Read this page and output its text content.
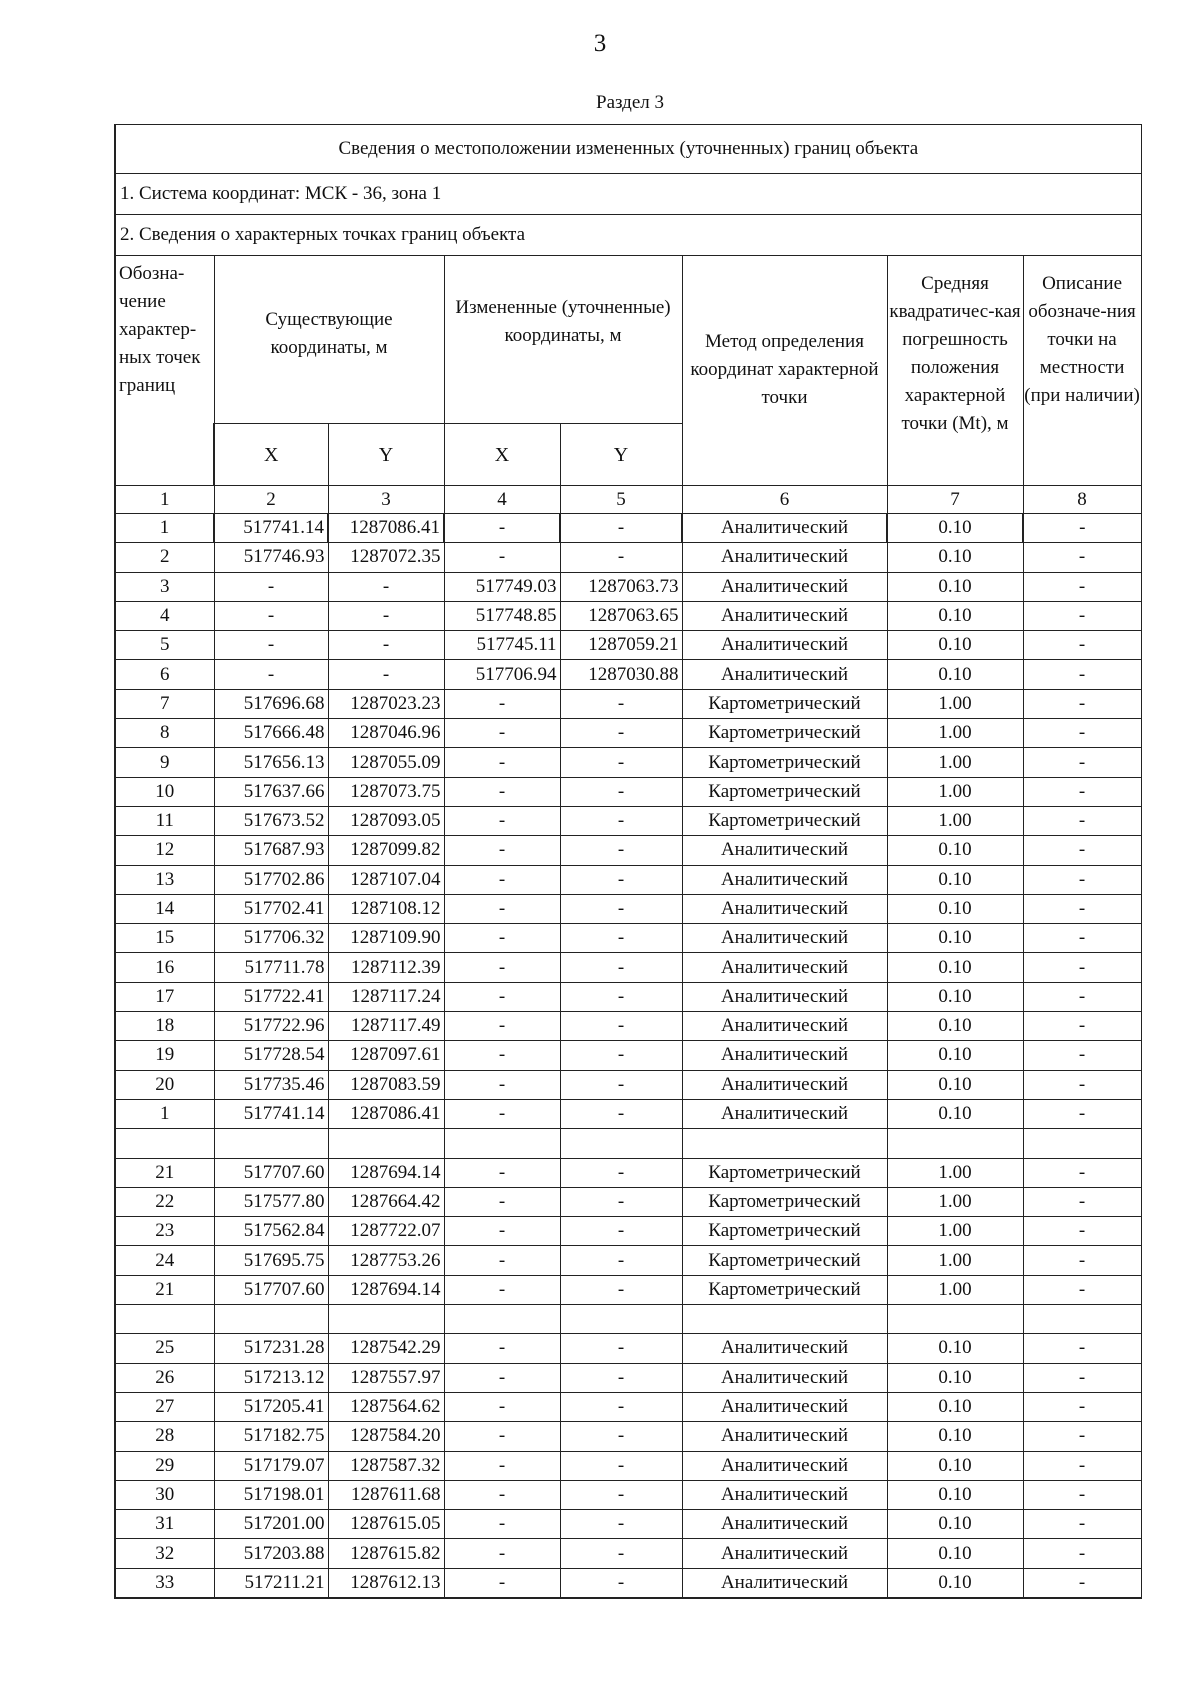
3
Раздел 3
Сведения о местоположении измененных (уточненных) границ объекта							
1. Система координат: МСК - 36, зона 1							
2. Сведения о характерных точках границ объекта							
Обозна-чение характер-ных точек границ	Существующие координаты, м		Измененные (уточненные) координаты, м		Метод определения координат характерной точки	Средняя квадратичес-кая погрешность положения характерной точки (Mt), м	Описание обозначе-ния точки на местности (при наличии)
	X	Y	X	Y			
1	2	3	4	5	6	7	8
1	517741.14	1287086.41	-	-	Аналитический	0.10	-
2	517746.93	1287072.35	-	-	Аналитический	0.10	-
3	-	-	517749.03	1287063.73	Аналитический	0.10	-
4	-	-	517748.85	1287063.65	Аналитический	0.10	-
5	-	-	517745.11	1287059.21	Аналитический	0.10	-
6	-	-	517706.94	1287030.88	Аналитический	0.10	-
7	517696.68	1287023.23	-	-	Картометрический	1.00	-
8	517666.48	1287046.96	-	-	Картометрический	1.00	-
9	517656.13	1287055.09	-	-	Картометрический	1.00	-
10	517637.66	1287073.75	-	-	Картометрический	1.00	-
11	517673.52	1287093.05	-	-	Картометрический	1.00	-
12	517687.93	1287099.82	-	-	Аналитический	0.10	-
13	517702.86	1287107.04	-	-	Аналитический	0.10	-
14	517702.41	1287108.12	-	-	Аналитический	0.10	-
15	517706.32	1287109.90	-	-	Аналитический	0.10	-
16	517711.78	1287112.39	-	-	Аналитический	0.10	-
17	517722.41	1287117.24	-	-	Аналитический	0.10	-
18	517722.96	1287117.49	-	-	Аналитический	0.10	-
19	517728.54	1287097.61	-	-	Аналитический	0.10	-
20	517735.46	1287083.59	-	-	Аналитический	0.10	-
1	517741.14	1287086.41	-	-	Аналитический	0.10	-

21	517707.60	1287694.14	-	-	Картометрический	1.00	-
22	517577.80	1287664.42	-	-	Картометрический	1.00	-
23	517562.84	1287722.07	-	-	Картометрический	1.00	-
24	517695.75	1287753.26	-	-	Картометрический	1.00	-
21	517707.60	1287694.14	-	-	Картометрический	1.00	-

25	517231.28	1287542.29	-	-	Аналитический	0.10	-
26	517213.12	1287557.97	-	-	Аналитический	0.10	-
27	517205.41	1287564.62	-	-	Аналитический	0.10	-
28	517182.75	1287584.20	-	-	Аналитический	0.10	-
29	517179.07	1287587.32	-	-	Аналитический	0.10	-
30	517198.01	1287611.68	-	-	Аналитический	0.10	-
31	517201.00	1287615.05	-	-	Аналитический	0.10	-
32	517203.88	1287615.82	-	-	Аналитический	0.10	-
33	517211.21	1287612.13	-	-	Аналитический	0.10	-
